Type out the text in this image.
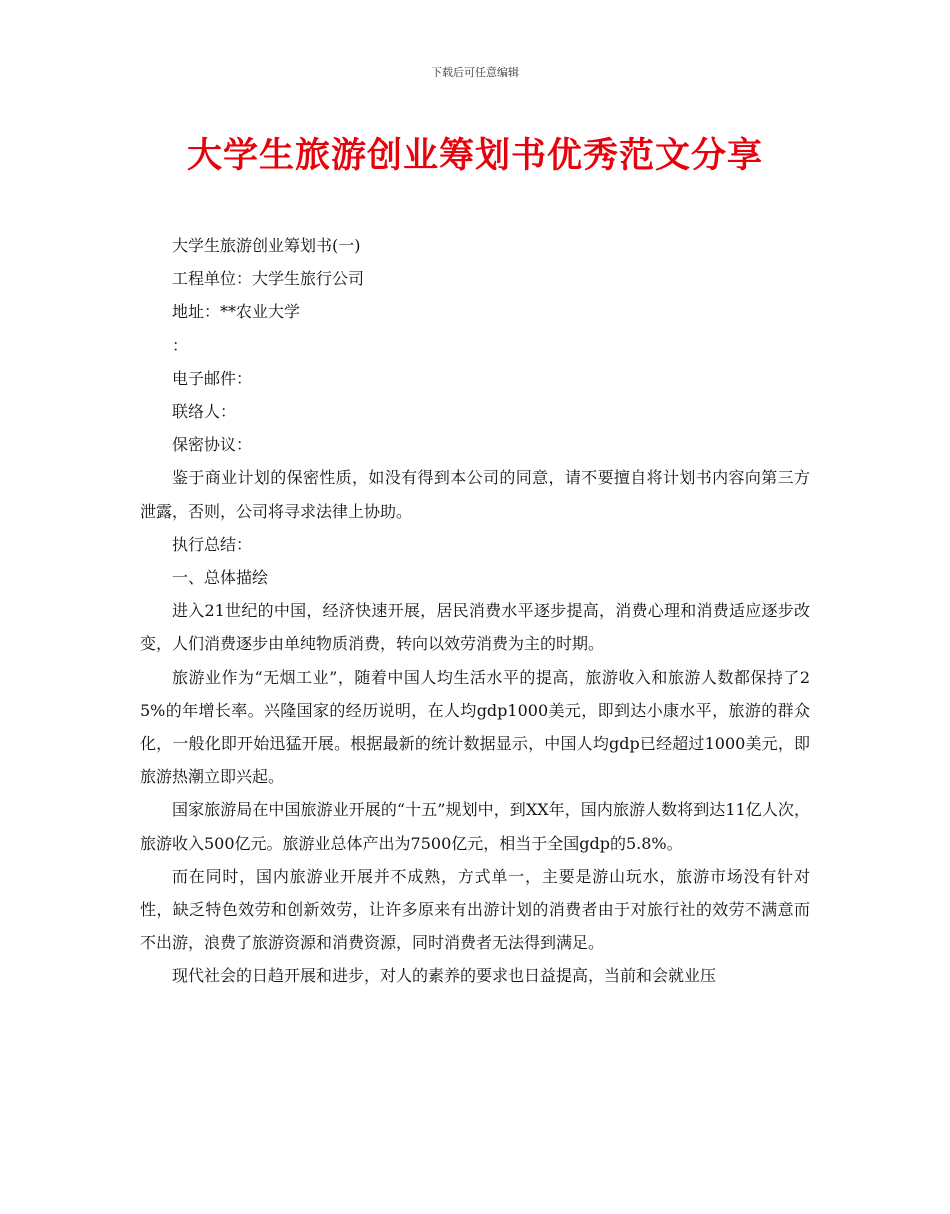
下载后可任意编辑
大学生旅游创业筹划书优秀范文分享

大学生旅游创业筹划书(一)

工程单位：大学生旅行公司

地址：**农业大学

：

电子邮件：

联络人：

保密协议：

鉴于商业计划的保密性质，如没有得到本公司的同意，请不要擅自将计划书内容向第三方泄露，否则，公司将寻求法律上协助。

执行总结：

一、总体描绘

进入21世纪的中国，经济快速开展，居民消费水平逐步提高，消费心理和消费适应逐步改变，人们消费逐步由单纯物质消费，转向以效劳消费为主的时期。

旅游业作为“无烟工业”，随着中国人均生活水平的提高，旅游收入和旅游人数都保持了25%的年增长率。兴隆国家的经历说明，在人均gdp1000美元，即到达小康水平，旅游的群众化，一般化即开始迅猛开展。根据最新的统计数据显示，中国人均gdp已经超过1000美元，即旅游热潮立即兴起。

国家旅游局在中国旅游业开展的“十五”规划中，到XX年，国内旅游人数将到达11亿人次，旅游收入500亿元。旅游业总体产出为7500亿元，相当于全国gdp的5.8%。

而在同时，国内旅游业开展并不成熟，方式单一，主要是游山玩水，旅游市场没有针对性，缺乏特色效劳和创新效劳，让许多原来有出游计划的消费者由于对旅行社的效劳不满意而不出游，浪费了旅游资源和消费资源，同时消费者无法得到满足。

现代社会的日趋开展和进步，对人的素养的要求也日益提高，当前和会就业压
